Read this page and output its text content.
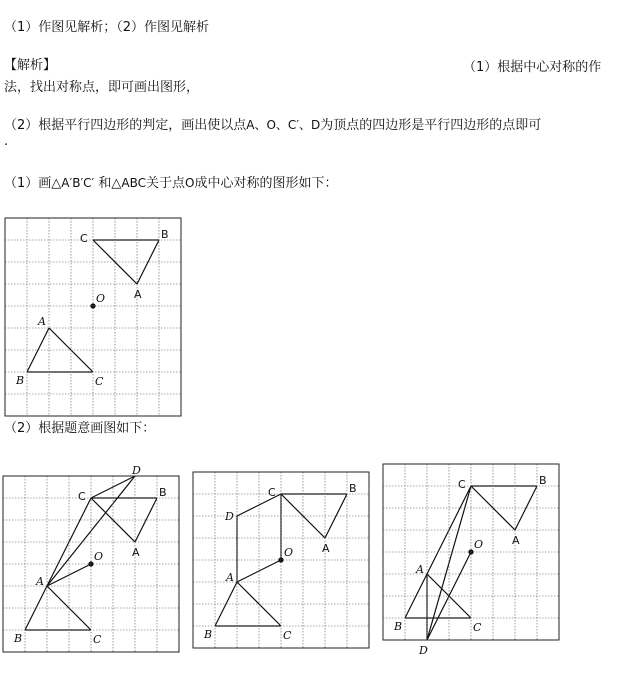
（1）作图见解析；（2）作图见解析
【解析】	（1）根据中心对称的作
法，找出对称点，即可画出图形，
（2）根据平行四边形的判定，画出使以点A、O、C′、D为顶点的四边形是平行四边形的点即可
.
（1）画△A′B′C′ 和△ABC关于点O成中心对称的图形如下：
（2）根据题意画图如下：
C	B
A
O
A
B	C
C	B
A
D
O
A
B	C
C	B
A
D
O
A
B	C
C	B
A
D
O
A
B	C
